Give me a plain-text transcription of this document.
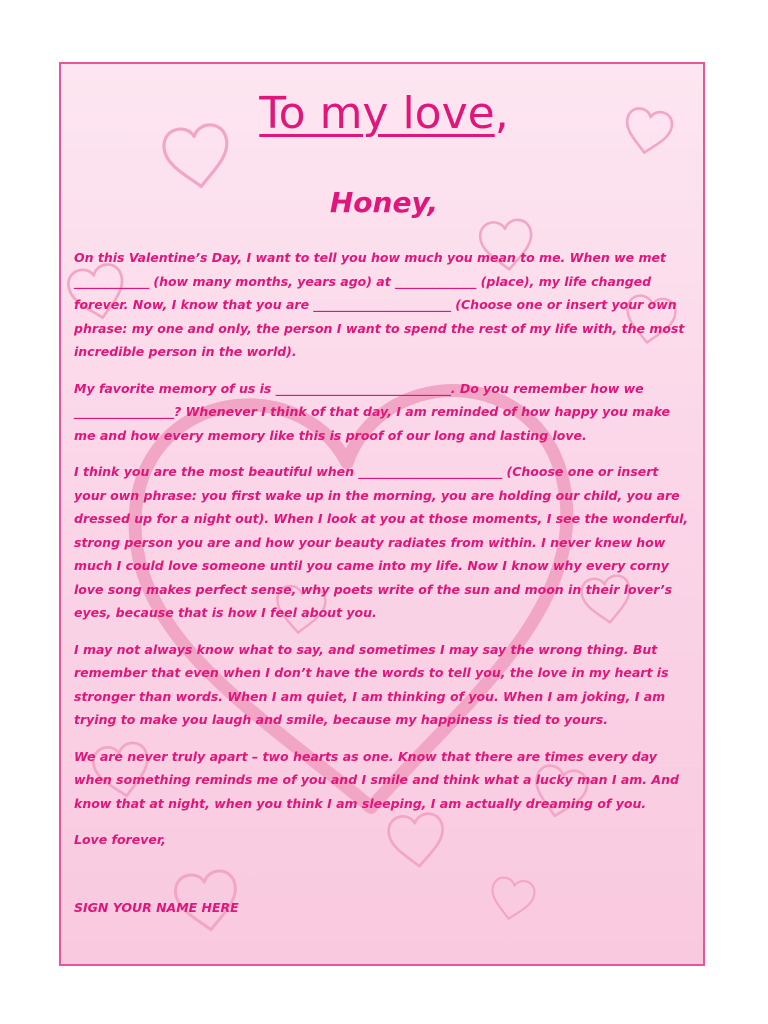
To my love,
Honey,

On this Valentine’s Day, I want to tell you how much you mean to me. When we met ____________ (how many months, years ago) at _____________ (place), my life changed forever. Now, I know that you are ______________________ (Choose one or insert your own phrase: my one and only, the person I want to spend the rest of my life with, the most incredible person in the world).

My favorite memory of us is ____________________________. Do you remember how we ________________? Whenever I think of that day, I am reminded of how happy you make me and how every memory like this is proof of our long and lasting love.

I think you are the most beautiful when _______________________ (Choose one or insert your own phrase: you first wake up in the morning, you are holding our child, you are dressed up for a night out). When I look at you at those moments, I see the wonderful, strong person you are and how your beauty radiates from within. I never knew how much I could love someone until you came into my life. Now I know why every corny love song makes perfect sense, why poets write of the sun and moon in their lover’s eyes, because that is how I feel about you.

I may not always know what to say, and sometimes I may say the wrong thing. But remember that even when I don’t have the words to tell you, the love in my heart is stronger than words. When I am quiet, I am thinking of you. When I am joking, I am trying to make you laugh and smile, because my happiness is tied to yours.

We are never truly apart – two hearts as one. Know that there are times every day when something reminds me of you and I smile and think what a lucky man I am. And know that at night, when you think I am sleeping, I am actually dreaming of you.

Love forever,

SIGN YOUR NAME HERE
